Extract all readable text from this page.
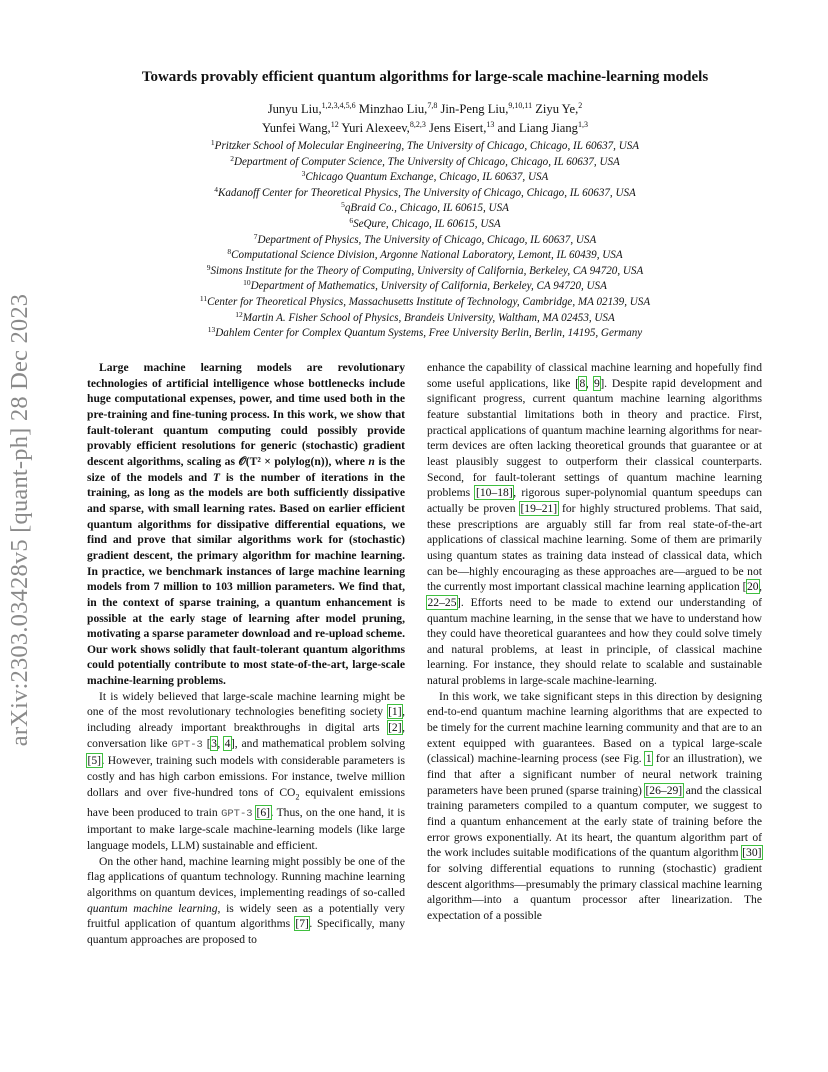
arXiv:2303.03428v5 [quant-ph] 28 Dec 2023
Towards provably efficient quantum algorithms for large-scale machine-learning models
Junyu Liu,$^{1,2,3,4,5,6}$ Minzhao Liu,$^{7,8}$ Jin-Peng Liu,$^{9,10,11}$ Ziyu Ye,$^2$
Yunfei Wang,$^{12}$ Yuri Alexeev,$^{8,2,3}$ Jens Eisert,$^{13}$ and Liang Jiang$^{1,3}$
$^1$Pritzker School of Molecular Engineering, The University of Chicago, Chicago, IL 60637, USA
$^2$Department of Computer Science, The University of Chicago, Chicago, IL 60637, USA
$^3$Chicago Quantum Exchange, Chicago, IL 60637, USA
$^4$Kadanoff Center for Theoretical Physics, The University of Chicago, Chicago, IL 60637, USA
$^5$qBraid Co., Chicago, IL 60615, USA
$^6$SeQure, Chicago, IL 60615, USA
$^7$Department of Physics, The University of Chicago, Chicago, IL 60637, USA
$^8$Computational Science Division, Argonne National Laboratory, Lemont, IL 60439, USA
$^9$Simons Institute for the Theory of Computing, University of California, Berkeley, CA 94720, USA
$^{10}$Department of Mathematics, University of California, Berkeley, CA 94720, USA
$^{11}$Center for Theoretical Physics, Massachusetts Institute of Technology, Cambridge, MA 02139, USA
$^{12}$Martin A. Fisher School of Physics, Brandeis University, Waltham, MA 02453, USA
$^{13}$Dahlem Center for Complex Quantum Systems, Free University Berlin, Berlin, 14195, Germany

Large machine learning models are revolutionary technologies of artificial intelligence whose bottlenecks include huge computational expenses, power, and time used both in the pre-training and fine-tuning process. In this work, we show that fault-tolerant quantum computing could possibly provide provably efficient resolutions for generic (stochastic) gradient descent algorithms, scaling as 𝒪(T² × polylog(n)), where n is the size of the models and T is the number of iterations in the training, as long as the models are both sufficiently dissipative and sparse, with small learning rates. Based on earlier efficient quantum algorithms for dissipative differential equations, we find and prove that similar algorithms work for (stochastic) gradient descent, the primary algorithm for machine learning. In practice, we benchmark instances of large machine learning models from 7 million to 103 million parameters. We find that, in the context of sparse training, a quantum enhancement is possible at the early stage of learning after model pruning, motivating a sparse parameter download and re-upload scheme. Our work shows solidly that fault-tolerant quantum algorithms could potentially contribute to most state-of-the-art, large-scale machine-learning problems.

It is widely believed that large-scale machine learning might be one of the most revolutionary technologies benefiting society [1], including already important breakthroughs in digital arts [2], conversation like GPT-3 [3, 4], and mathematical problem solving [5]. However, training such models with considerable parameters is costly and has high carbon emissions. For instance, twelve million dollars and over five-hundred tons of $CO_2$ equivalent emissions have been produced to train GPT-3 [6]. Thus, on the one hand, it is important to make large-scale machine-learning models (like large language models, LLM) sustainable and efficient.

On the other hand, machine learning might possibly be one of the flag applications of quantum technology. Running machine learning algorithms on quantum devices, implementing readings of so-called quantum machine learning, is widely seen as a potentially very fruitful application of quantum algorithms [7]. Specifically, many quantum approaches are proposed to

enhance the capability of classical machine learning and hopefully find some useful applications, like [8, 9]. Despite rapid development and significant progress, current quantum machine learning algorithms feature substantial limitations both in theory and practice. First, practical applications of quantum machine learning algorithms for near-term devices are often lacking theoretical grounds that guarantee or at least plausibly suggest to outperform their classical counterparts. Second, for fault-tolerant settings of quantum machine learning problems [10–18], rigorous super-polynomial quantum speedups can actually be proven [19–21] for highly structured problems. That said, these prescriptions are arguably still far from real state-of-the-art applications of classical machine learning. Some of them are primarily using quantum states as training data instead of classical data, which can be—highly encouraging as these approaches are—argued to be not the currently most important classical machine learning application [20, 22–25]. Efforts need to be made to extend our understanding of quantum machine learning, in the sense that we have to understand how they could have theoretical guarantees and how they could solve timely and natural problems, at least in principle, of classical machine learning. For instance, they should relate to scalable and sustainable natural problems in large-scale machine-learning.

In this work, we take significant steps in this direction by designing end-to-end quantum machine learning algorithms that are expected to be timely for the current machine learning community and that are to an extent equipped with guarantees. Based on a typical large-scale (classical) machine-learning process (see Fig. 1 for an illustration), we find that after a significant number of neural network training parameters have been pruned (sparse training) [26–29] and the classical training parameters compiled to a quantum computer, we suggest to find a quantum enhancement at the early state of training before the error grows exponentially. At its heart, the quantum algorithm part of the work includes suitable modifications of the quantum algorithm [30] for solving differential equations to running (stochastic) gradient descent algorithms—presumably the primary classical machine learning algorithm—into a quantum processor after linearization. The expectation of a possible
